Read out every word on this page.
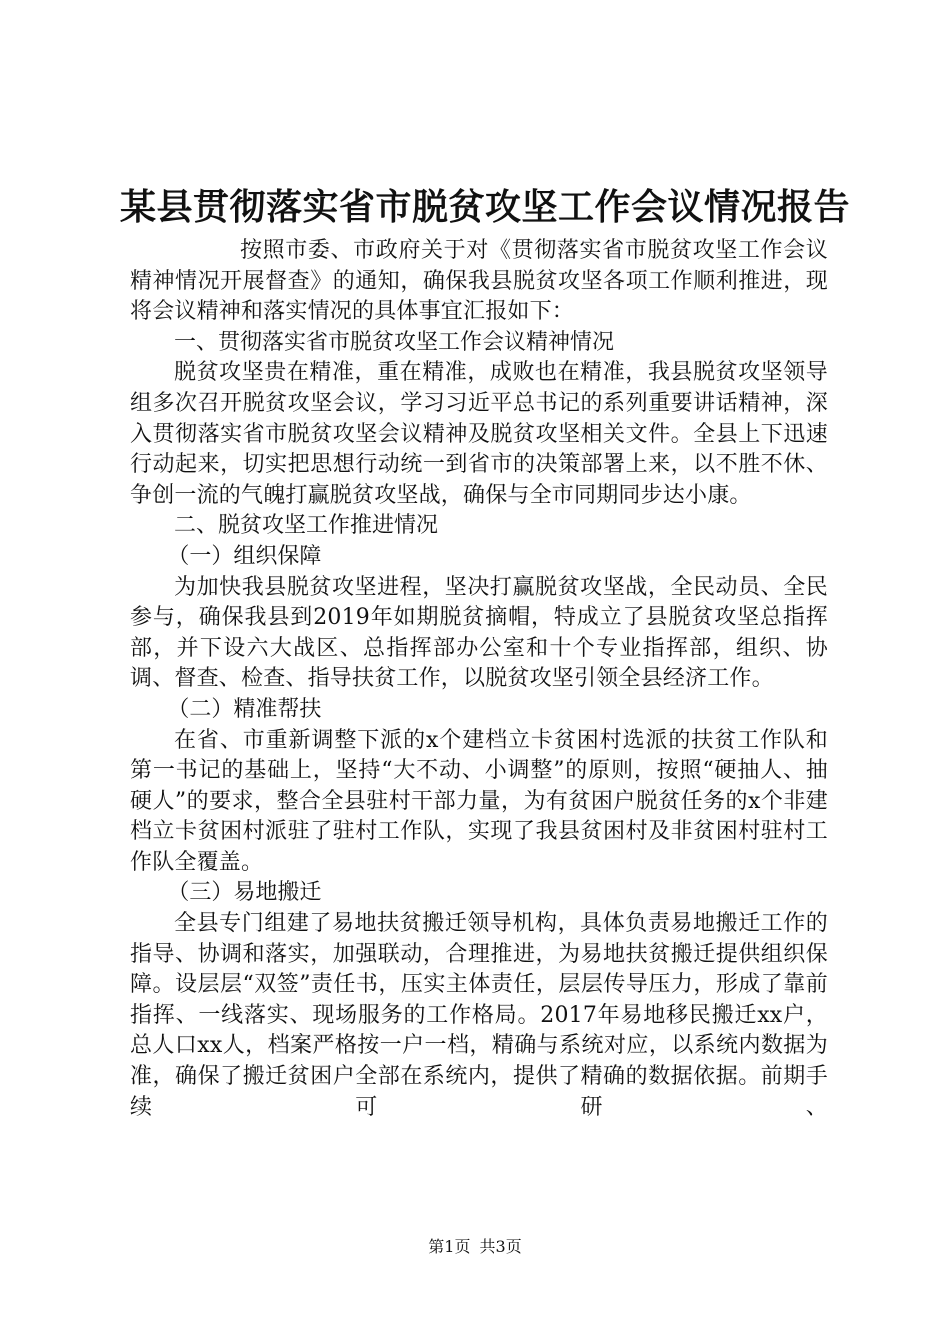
某县贯彻落实省市脱贫攻坚工作会议情况报告

按照市委、市政府关于对《贯彻落实省市脱贫攻坚工作会议精神情况开展督查》的通知，确保我县脱贫攻坚各项工作顺利推进，现将会议精神和落实情况的具体事宜汇报如下：

一、贯彻落实省市脱贫攻坚工作会议精神情况

脱贫攻坚贵在精准，重在精准，成败也在精准，我县脱贫攻坚领导组多次召开脱贫攻坚会议，学习习近平总书记的系列重要讲话精神，深入贯彻落实省市脱贫攻坚会议精神及脱贫攻坚相关文件。全县上下迅速行动起来，切实把思想行动统一到省市的决策部署上来，以不胜不休、争创一流的气魄打赢脱贫攻坚战，确保与全市同期同步达小康。

二、脱贫攻坚工作推进情况

（一）组织保障

为加快我县脱贫攻坚进程，坚决打赢脱贫攻坚战，全民动员、全民参与，确保我县到2019年如期脱贫摘帽，特成立了县脱贫攻坚总指挥部，并下设六大战区、总指挥部办公室和十个专业指挥部，组织、协调、督查、检查、指导扶贫工作，以脱贫攻坚引领全县经济工作。

（二）精准帮扶

在省、市重新调整下派的x个建档立卡贫困村选派的扶贫工作队和第一书记的基础上，坚持“大不动、小调整”的原则，按照“硬抽人、抽硬人”的要求，整合全县驻村干部力量，为有贫困户脱贫任务的x个非建档立卡贫困村派驻了驻村工作队，实现了我县贫困村及非贫困村驻村工作队全覆盖。

（三）易地搬迁

全县专门组建了易地扶贫搬迁领导机构，具体负责易地搬迁工作的指导、协调和落实，加强联动，合理推进，为易地扶贫搬迁提供组织保障。设层层“双签”责任书，压实主体责任，层层传导压力，形成了靠前指挥、一线落实、现场服务的工作格局。2017年易地移民搬迁xx户，总人口xx人，档案严格按一户一档，精确与系统对应，以系统内数据为准，确保了搬迁贫困户全部在系统内，提供了精确的数据依据。前期手续可研、

第1页 共3页
